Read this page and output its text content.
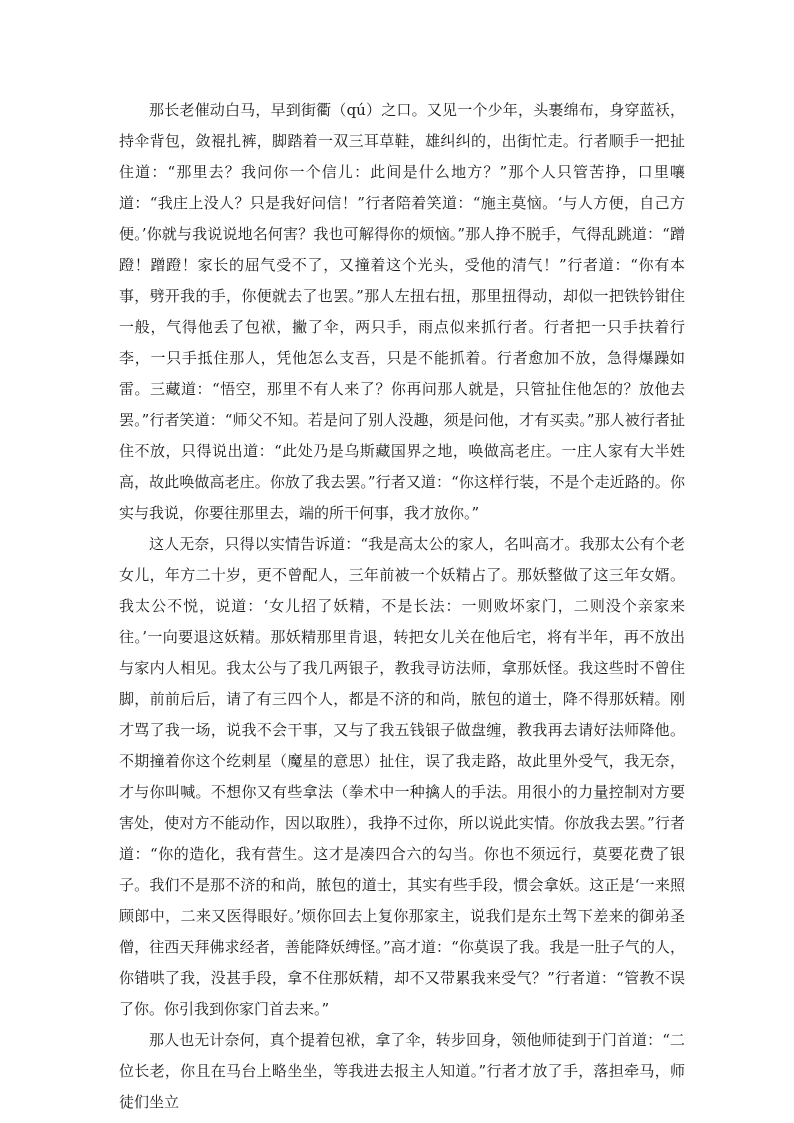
那长老催动白马，早到街衢（qú）之口。又见一个少年，头裹绵布，身穿蓝袄，持伞背包，敛裩扎裤，脚踏着一双三耳草鞋，雄纠纠的，出街忙走。行者顺手一把扯住道：“那里去？我问你一个信儿：此间是什么地方？”那个人只管苦挣，口里嚷道：“我庄上没人？只是我好问信！”行者陪着笑道：“施主莫恼。‘与人方便，自己方便。’你就与我说说地名何害？我也可解得你的烦恼。”那人挣不脱手，气得乱跳道：“蹭蹬！蹭蹬！家长的屈气受不了，又撞着这个光头，受他的清气！”行者道：“你有本事，劈开我的手，你便就去了也罢。”那人左扭右扭，那里扭得动，却似一把铁钤钳住一般，气得他丢了包袱，撇了伞，两只手，雨点似来抓行者。行者把一只手扶着行李，一只手抵住那人，凭他怎么支吾，只是不能抓着。行者愈加不放，急得爆躁如雷。三藏道：“悟空，那里不有人来了？你再问那人就是，只管扯住他怎的？放他去罢。”行者笑道：“师父不知。若是问了别人没趣，须是问他，才有买卖。”那人被行者扯住不放，只得说出道：“此处乃是乌斯藏国界之地，唤做高老庄。一庄人家有大半姓高，故此唤做高老庄。你放了我去罢。”行者又道：“你这样行装，不是个走近路的。你实与我说，你要往那里去，端的所干何事，我才放你。”

这人无奈，只得以实情告诉道：“我是高太公的家人，名叫高才。我那太公有个老女儿，年方二十岁，更不曾配人，三年前被一个妖精占了。那妖整做了这三年女婿。我太公不悦，说道：‘女儿招了妖精，不是长法：一则败坏家门，二则没个亲家来往。’一向要退这妖精。那妖精那里肯退，转把女儿关在他后宅，将有半年，再不放出与家内人相见。我太公与了我几两银子，教我寻访法师，拿那妖怪。我这些时不曾住脚，前前后后，请了有三四个人，都是不济的和尚，脓包的道士，降不得那妖精。刚才骂了我一场，说我不会干事，又与了我五钱银子做盘缠，教我再去请好法师降他。不期撞着你这个纥剌星（魔星的意思）扯住，误了我走路，故此里外受气，我无奈，才与你叫喊。不想你又有些拿法（拳术中一种擒人的手法。用很小的力量控制对方要害处，使对方不能动作，因以取胜），我挣不过你，所以说此实情。你放我去罢。”行者道：“你的造化，我有营生。这才是凑四合六的勾当。你也不须远行，莫要花费了银子。我们不是那不济的和尚，脓包的道士，其实有些手段，惯会拿妖。这正是‘一来照顾郎中，二来又医得眼好。’烦你回去上复你那家主，说我们是东土驾下差来的御弟圣僧，往西天拜佛求经者，善能降妖缚怪。”高才道：“你莫误了我。我是一肚子气的人，你错哄了我，没甚手段，拿不住那妖精，却不又带累我来受气？”行者道：“管教不误了你。你引我到你家门首去来。”

那人也无计奈何，真个提着包袱，拿了伞，转步回身，领他师徒到于门首道：“二位长老，你且在马台上略坐坐，等我进去报主人知道。”行者才放了手，落担牵马，师徒们坐立
